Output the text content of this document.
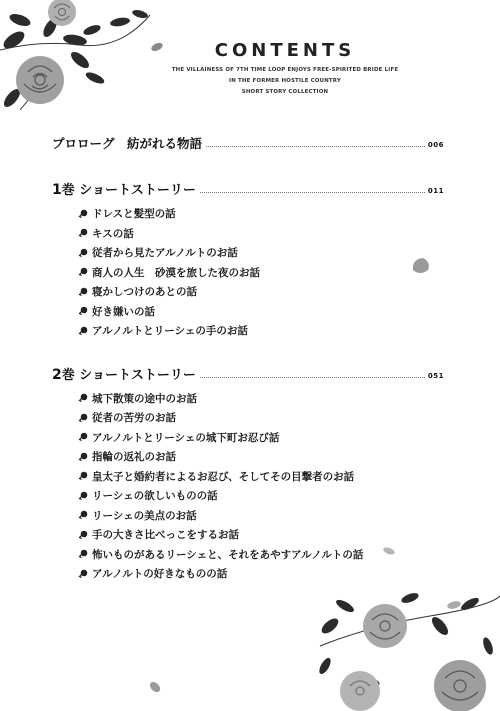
CONTENTS
THE VILLAINESS OF 7TH TIME LOOP ENJOYS FREE-SPIRITED BRIDE LIFE
IN THE FORMER HOSTILE COUNTRY
SHORT STORY COLLECTION
プロローグ　紡がれる物語	006
1巻 ショートストーリー	011
ドレスと髪型の話
キスの話
従者から見たアルノルトのお話
商人の人生　砂漠を旅した夜のお話
寝かしつけのあとの話
好き嫌いの話
アルノルトとリーシェの手のお話
2巻 ショートストーリー	051
城下散策の途中のお話
従者の苦労のお話
アルノルトとリーシェの城下町お忍び話
指輪の返礼のお話
皇太子と婚約者によるお忍び、そしてその目撃者のお話
リーシェの欲しいものの話
リーシェの美点のお話
手の大きさ比べっこをするお話
怖いものがあるリーシェと、それをあやすアルノルトの話
アルノルトの好きなものの話
